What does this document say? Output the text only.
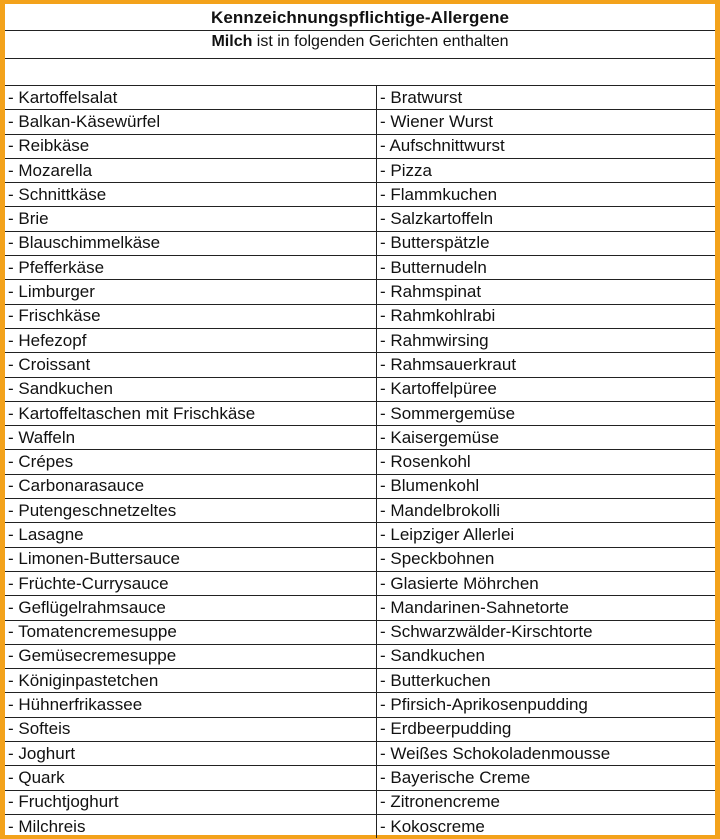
Kennzeichnungspflichtige-Allergene
Milch ist in folgenden Gerichten enthalten
- Kartoffelsalat	- Bratwurst
- Balkan-Käsewürfel	- Wiener Wurst
- Reibkäse	- Aufschnittwurst
- Mozarella	- Pizza
- Schnittkäse	- Flammkuchen
- Brie	- Salzkartoffeln
- Blauschimmelkäse	- Butterspätzle
- Pfefferkäse	- Butternudeln
- Limburger	- Rahmspinat
- Frischkäse	- Rahmkohlrabi
- Hefezopf	- Rahmwirsing
- Croissant	- Rahmsauerkraut
- Sandkuchen	- Kartoffelpüree
- Kartoffeltaschen mit Frischkäse	- Sommergemüse
- Waffeln	- Kaisergemüse
- Crépes	- Rosenkohl
- Carbonarasauce	- Blumenkohl
- Putengeschnetzeltes	- Mandelbrokolli
- Lasagne	- Leipziger Allerlei
- Limonen-Buttersauce	- Speckbohnen
- Früchte-Currysauce	- Glasierte Möhrchen
- Geflügelrahmsauce	- Mandarinen-Sahnetorte
- Tomatencremesuppe	- Schwarzwälder-Kirschtorte
- Gemüsecremesuppe	- Sandkuchen
- Königinpastetchen	- Butterkuchen
- Hühnerfrikassee	- Pfirsich-Aprikosenpudding
- Softeis	- Erdbeerpudding
- Joghurt	- Weißes Schokoladenmousse
- Quark	- Bayerische Creme
- Fruchtjoghurt	- Zitronencreme
- Milchreis	- Kokoscreme
